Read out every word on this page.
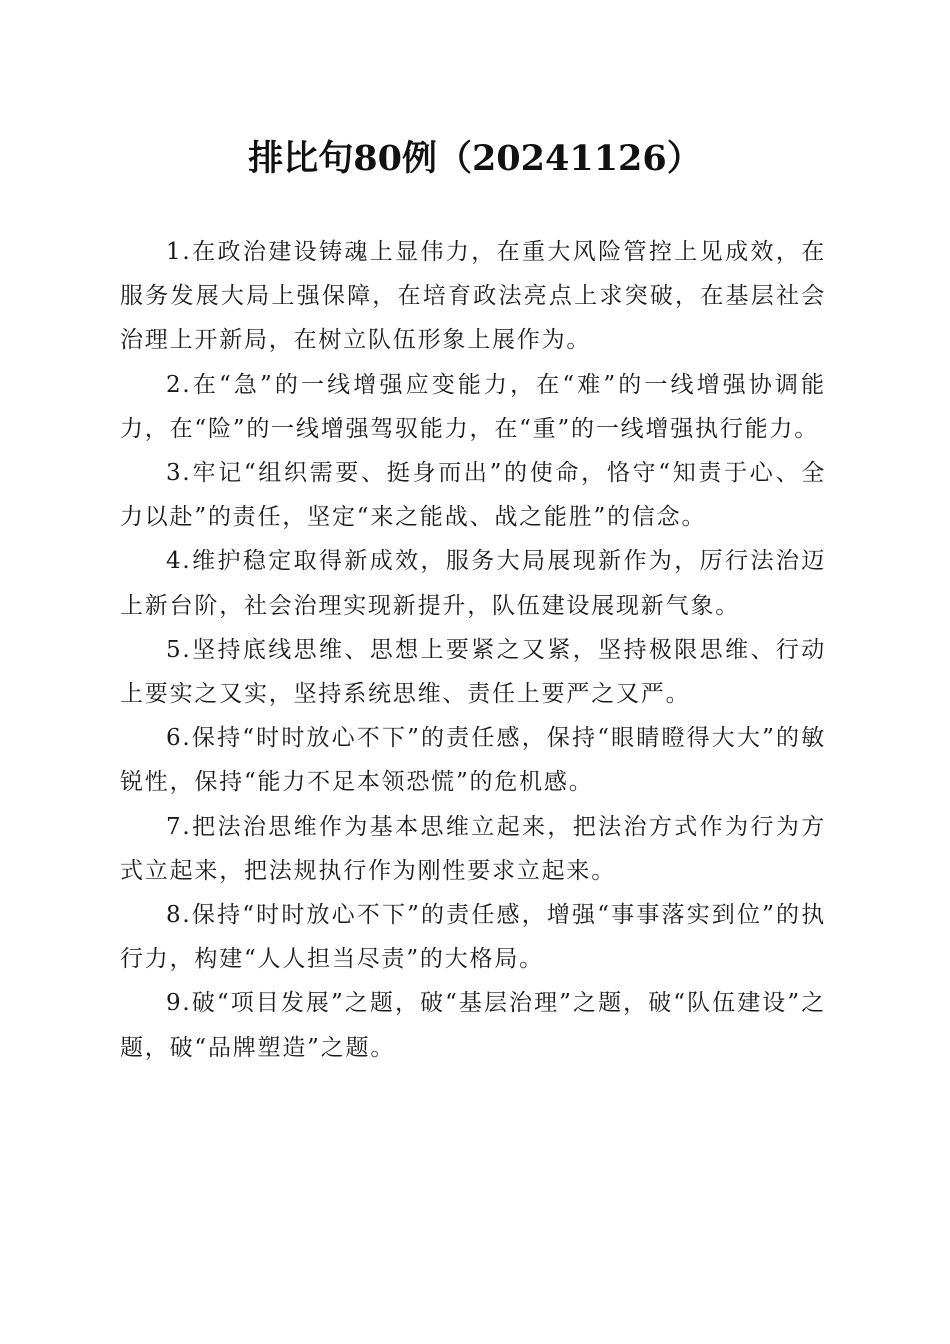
排比句80例（20241126）

1.在政治建设铸魂上显伟力，在重大风险管控上见成效，在服务发展大局上强保障，在培育政法亮点上求突破，在基层社会治理上开新局，在树立队伍形象上展作为。

2.在“急”的一线增强应变能力，在“难”的一线增强协调能力，在“险”的一线增强驾驭能力，在“重”的一线增强执行能力。

3.牢记“组织需要、挺身而出”的使命，恪守“知责于心、全力以赴”的责任，坚定“来之能战、战之能胜”的信念。

4.维护稳定取得新成效，服务大局展现新作为，厉行法治迈上新台阶，社会治理实现新提升，队伍建设展现新气象。

5.坚持底线思维、思想上要紧之又紧，坚持极限思维、行动上要实之又实，坚持系统思维、责任上要严之又严。

6.保持“时时放心不下”的责任感，保持“眼睛瞪得大大”的敏锐性，保持“能力不足本领恐慌”的危机感。

7.把法治思维作为基本思维立起来，把法治方式作为行为方式立起来，把法规执行作为刚性要求立起来。

8.保持“时时放心不下”的责任感，增强“事事落实到位”的执行力，构建“人人担当尽责”的大格局。

9.破“项目发展”之题，破“基层治理”之题，破“队伍建设”之题，破“品牌塑造”之题。
